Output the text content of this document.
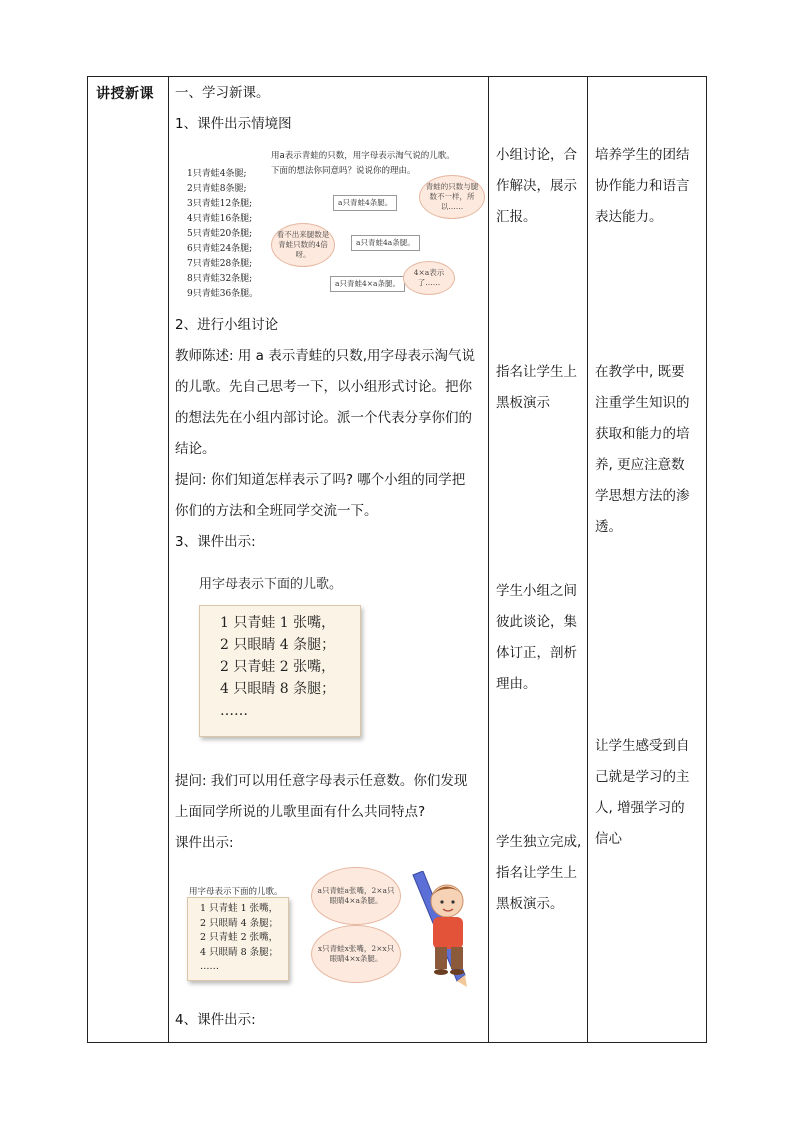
讲授新课	一、学习新课。

1、课件出示情境图

1只青蛙4条腿;
2只青蛙8条腿;
3只青蛙12条腿;
4只青蛙16条腿;
5只青蛙20条腿;
6只青蛙24条腿;
7只青蛙28条腿;
8只青蛙32条腿;
9只青蛙36条腿。
用a表示青蛙的只数，用字母表示淘气说的儿歌。
下面的想法你同意吗？说说你的理由。
a只青蛙4条腿。
a只青蛙4a条腿。
a只青蛙4×a条腿。
青蛙的只数与腿数不一样，所以……
看不出来腿数是青蛙只数的4倍呀。
4×a表示了……

2、进行小组讨论

教师陈述: 用 a 表示青蛙的只数,用字母表示淘气说

的儿歌。先自己思考一下，以小组形式讨论。把你

的想法先在小组内部讨论。派一个代表分享你们的

结论。

提问: 你们知道怎样表示了吗? 哪个小组的同学把

你们的方法和全班同学交流一下。

3、课件出示:

用字母表示下面的儿歌。
1 只青蛙 1 张嘴，
2 只眼睛 4 条腿；
2 只青蛙 2 张嘴，
4 只眼睛 8 条腿；
……

提问: 我们可以用任意字母表示任意数。你们发现

上面同学所说的儿歌里面有什么共同特点?

课件出示:

用字母表示下面的儿歌。
1 只青蛙 1 张嘴，
2 只眼睛 4 条腿；
2 只青蛙 2 张嘴，
4 只眼睛 8 条腿；
……
a只青蛙a张嘴，2×a只眼睛4×a条腿。
x只青蛙x张嘴，2×x只眼睛4×x条腿。

4、课件出示:

小组讨论，合
作解决，展示
汇报。
指名让学生上
黑板演示
学生小组之间
彼此谈论，集
体订正，剖析
理由。
学生独立完成,
指名让学生上
黑板演示。
培养学生的团结
协作能力和语言
表达能力。
在教学中, 既要
注重学生知识的
获取和能力的培
养, 更应注意数
学思想方法的渗
透。
让学生感受到自
己就是学习的主
人, 增强学习的
信心
